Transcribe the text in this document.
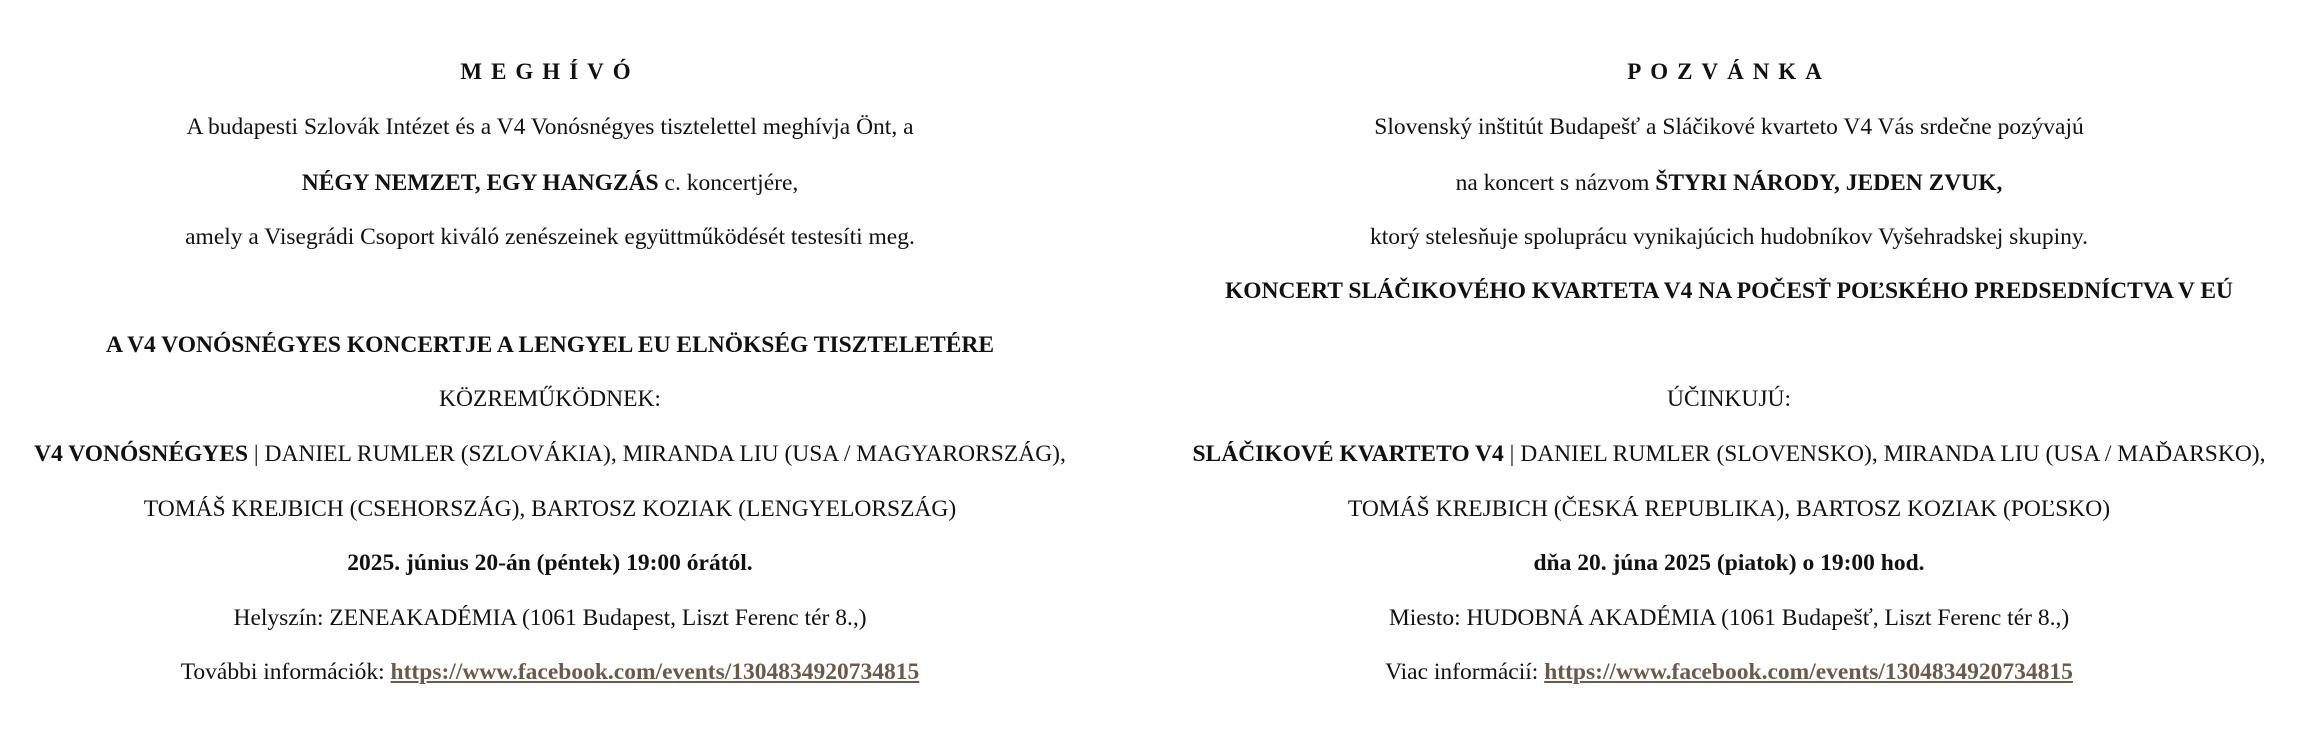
MEGHÍVÓ
A budapesti Szlovák Intézet és a V4 Vonósnégyes tisztelettel meghívja Önt, a
NÉGY NEMZET, EGY HANGZÁS c. koncertjére,
amely a Visegrádi Csoport kiváló zenészeinek együttműködését testesíti meg.
A V4 VONÓSNÉGYES KONCERTJE A LENGYEL EU ELNÖKSÉG TISZTELETÉRE
KÖZREMŰKÖDNEK:
V4 VONÓSNÉGYES | DANIEL RUMLER (SZLOVÁKIA), MIRANDA LIU (USA / MAGYARORSZÁG),
TOMÁŠ KREJBICH (CSEHORSZÁG), BARTOSZ KOZIAK (LENGYELORSZÁG)
2025. június 20-án (péntek) 19:00 órától.
Helyszín: ZENEAKADÉMIA (1061 Budapest, Liszt Ferenc tér 8.,)
További információk: https://www.facebook.com/events/1304834920734815
POZVÁNKA
Slovenský inštitút Budapešť a Sláčikové kvarteto V4 Vás srdečne pozývajú
na koncert s názvom ŠTYRI NÁRODY, JEDEN ZVUK,
ktorý stelesňuje spoluprácu vynikajúcich hudobníkov Vyšehradskej skupiny.
KONCERT SLÁČIKOVÉHO KVARTETA V4 NA POČESŤ POĽSKÉHO PREDSEDNÍCTVA V EÚ
ÚČINKUJÚ:
SLÁČIKOVÉ KVARTETO V4 | DANIEL RUMLER (SLOVENSKO), MIRANDA LIU (USA / MAĎARSKO),
TOMÁŠ KREJBICH (ČESKÁ REPUBLIKA), BARTOSZ KOZIAK (POĽSKO)
dňa 20. júna 2025 (piatok) o 19:00 hod.
Miesto: HUDOBNÁ AKADÉMIA (1061 Budapešť, Liszt Ferenc tér 8.,)
Viac informácií: https://www.facebook.com/events/1304834920734815
